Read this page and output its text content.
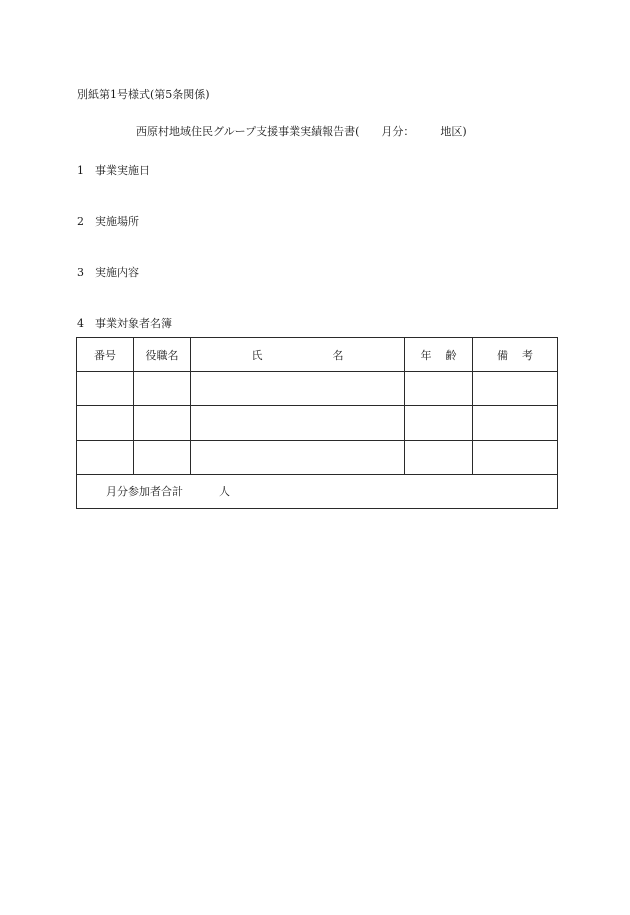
別紙第1号様式(第5条関係)
西原村地域住民グループ支援事業実績報告書( 月分： 地区)
1 事業実施日
2 実施場所
3 実施内容
4 事業対象者名簿
番号	役職名	氏 名	年 齢	備 考

月分参加者合計 人				
